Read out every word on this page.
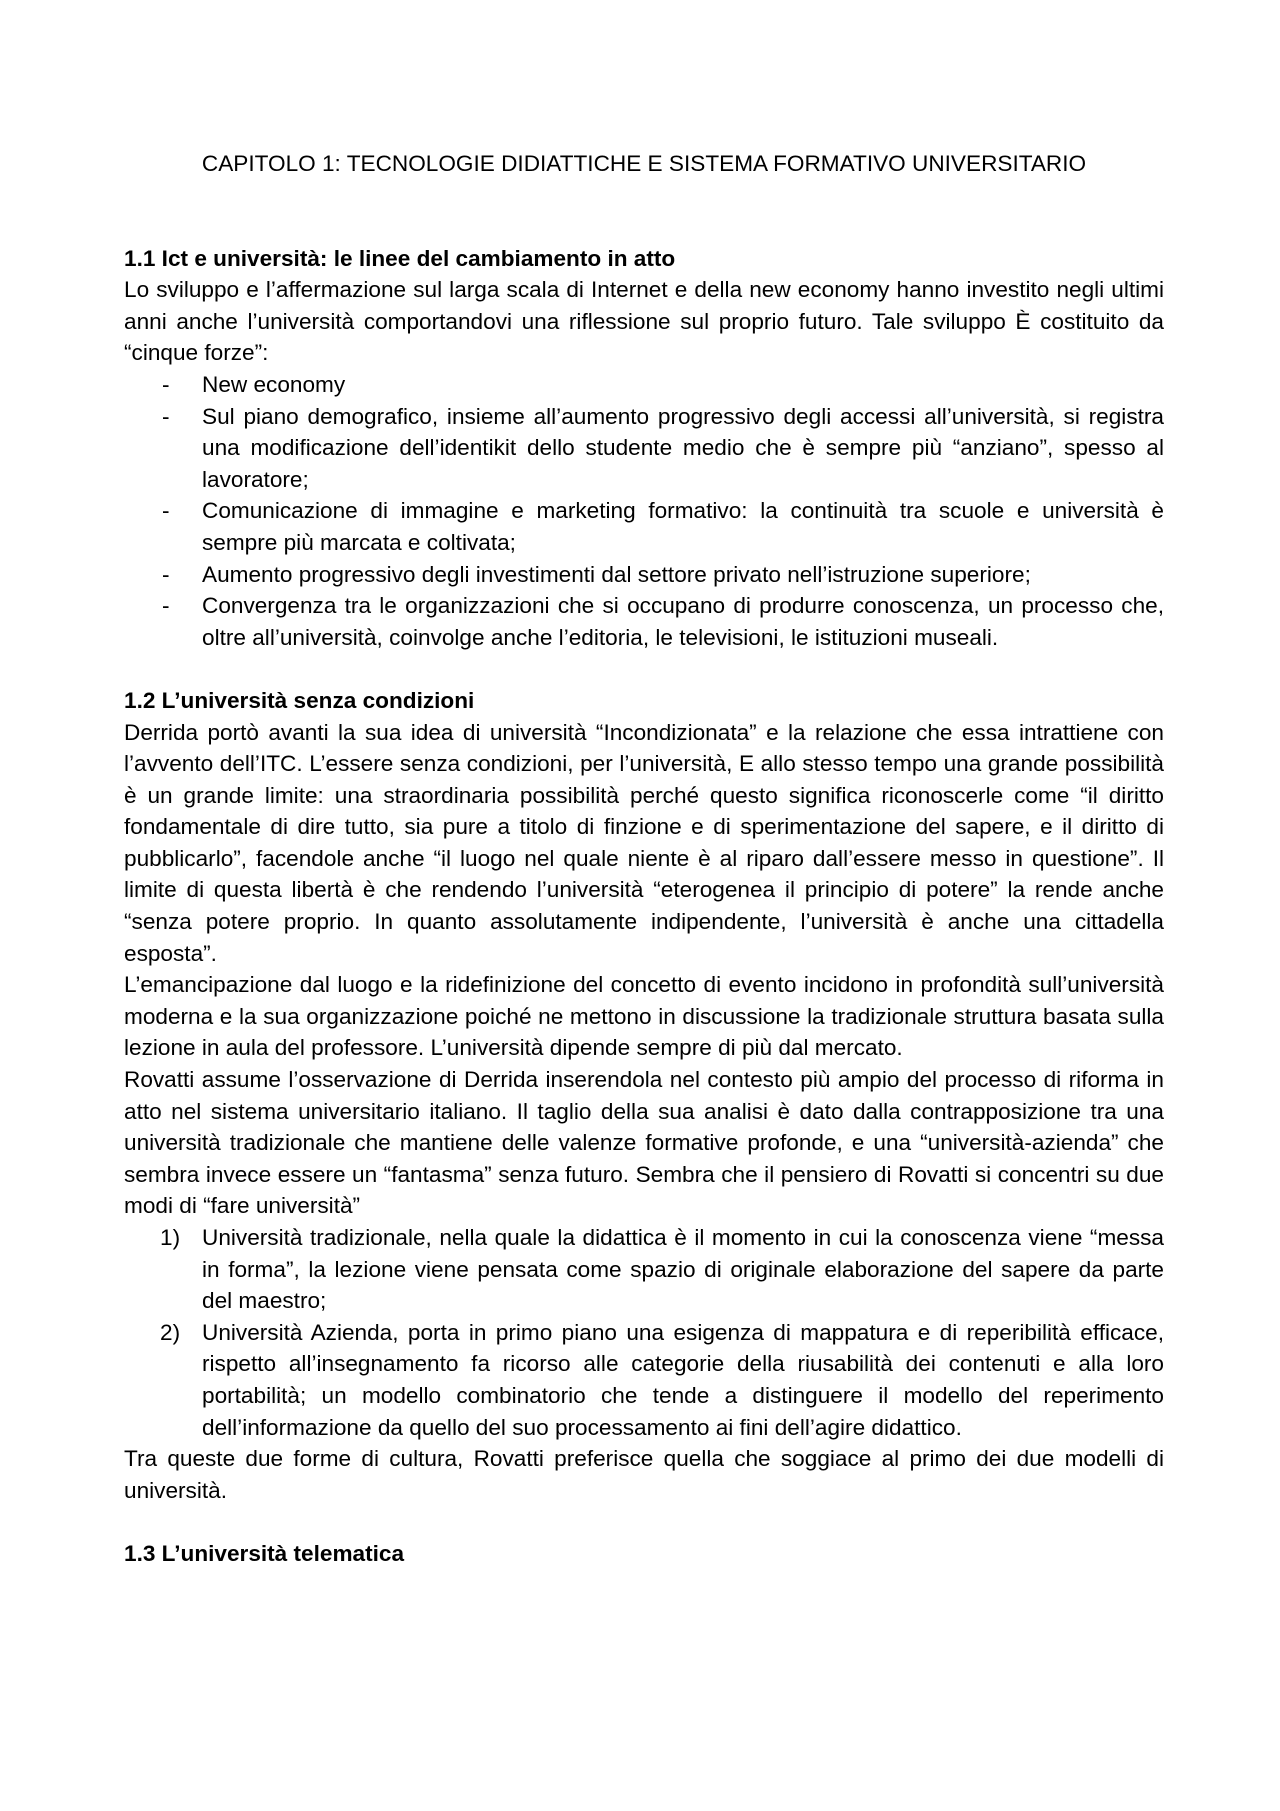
CAPITOLO 1: TECNOLOGIE DIDIATTICHE E SISTEMA FORMATIVO UNIVERSITARIO
1.1 Ict e università: le linee del cambiamento in atto

Lo sviluppo e l’affermazione sul larga scala di Internet e della new economy hanno investito negli ultimi anni anche l’università comportandovi una riflessione sul proprio futuro. Tale sviluppo È costituito da “cinque forze”:

- New economy
- Sul piano demografico, insieme all’aumento progressivo degli accessi all’università, si registra una modificazione dell’identikit dello studente medio che è sempre più “anziano”, spesso al lavoratore;
- Comunicazione di immagine e marketing formativo: la continuità tra scuole e università è sempre più marcata e coltivata;
- Aumento progressivo degli investimenti dal settore privato nell’istruzione superiore;
- Convergenza tra le organizzazioni che si occupano di produrre conoscenza, un processo che, oltre all’università, coinvolge anche l’editoria, le televisioni, le istituzioni museali.
1.2 L’università senza condizioni

Derrida portò avanti la sua idea di università “Incondizionata” e la relazione che essa intrattiene con l’avvento dell’ITC. L’essere senza condizioni, per l’università, E allo stesso tempo una grande possibilità è un grande limite: una straordinaria possibilità perché questo significa riconoscerle come “il diritto fondamentale di dire tutto, sia pure a titolo di finzione e di sperimentazione del sapere, e il diritto di pubblicarlo”, facendole anche “il luogo nel quale niente è al riparo dall’essere messo in questione”. Il limite di questa libertà è che rendendo l’università “eterogenea il principio di potere” la rende anche “senza potere proprio. In quanto assolutamente indipendente, l’università è anche una cittadella esposta”.

L’emancipazione dal luogo e la ridefinizione del concetto di evento incidono in profondità sull’università moderna e la sua organizzazione poiché ne mettono in discussione la tradizionale struttura basata sulla lezione in aula del professore. L’università dipende sempre di più dal mercato.

Rovatti assume l’osservazione di Derrida inserendola nel contesto più ampio del processo di riforma in atto nel sistema universitario italiano. Il taglio della sua analisi è dato dalla contrapposizione tra una università tradizionale che mantiene delle valenze formative profonde, e una “università-azienda” che sembra invece essere un “fantasma” senza futuro. Sembra che il pensiero di Rovatti si concentri su due modi di “fare università”

1) Università tradizionale, nella quale la didattica è il momento in cui la conoscenza viene “messa in forma”, la lezione viene pensata come spazio di originale elaborazione del sapere da parte del maestro;
2) Università Azienda, porta in primo piano una esigenza di mappatura e di reperibilità efficace, rispetto all’insegnamento fa ricorso alle categorie della riusabilità dei contenuti e alla loro portabilità; un modello combinatorio che tende a distinguere il modello del reperimento dell’informazione da quello del suo processamento ai fini dell’agire didattico.

Tra queste due forme di cultura, Rovatti preferisce quella che soggiace al primo dei due modelli di università.

1.3 L’università telematica
